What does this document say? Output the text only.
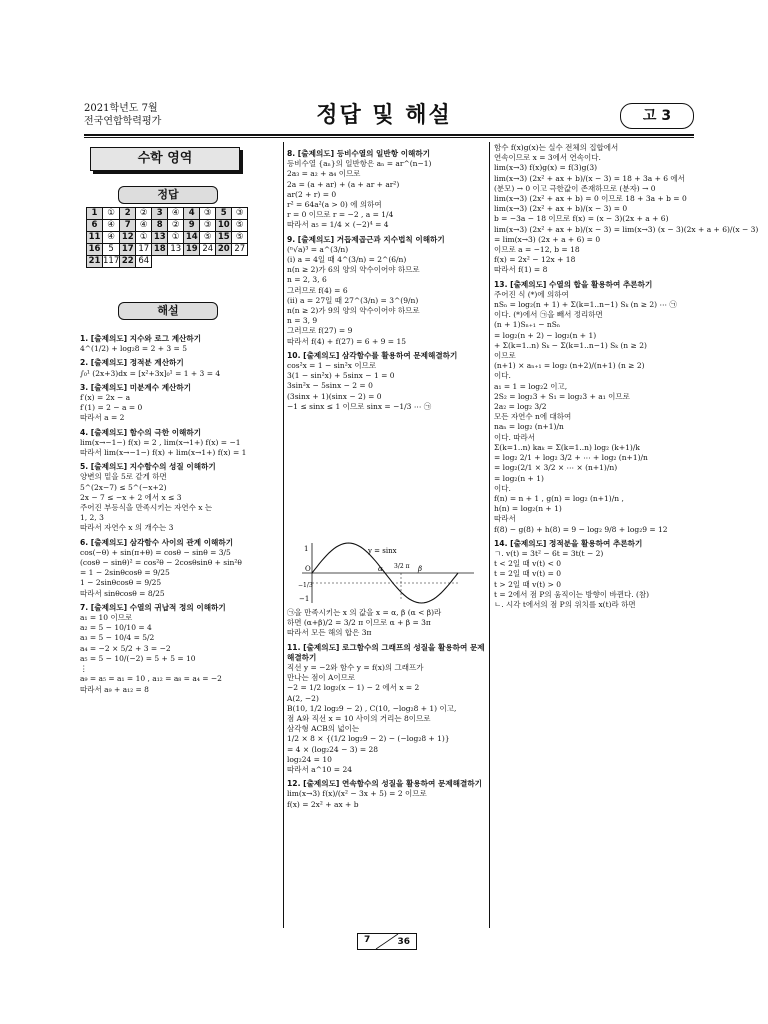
2021학년도 7월
전국연합학력평가	정답 및 해설	고 3
수학 영역
정답
1	①	2	②	3	④	4	③	5	③
6	④	7	④	8	②	9	③	10	⑤
11	④	12	①	13	①	14	⑤	15	⑤
16	5	17	17	18	13	19	24	20	27
21	117	22	64						
해설
1. [출제의도] 지수와 로그 계산하기
4^(1/2) + log₂8 = 2 + 3 = 5
2. [출제의도] 정적분 계산하기
∫₀¹ (2x+3)dx = [x²+3x]₀¹ = 1 + 3 = 4
3. [출제의도] 미분계수 계산하기
f′(x) = 2x − a
f′(1) = 2 − a = 0
따라서 a = 2
4. [출제의도] 함수의 극한 이해하기
lim(x→−1−) f(x) = 2 , lim(x→1+) f(x) = −1
따라서 lim(x→−1−) f(x) + lim(x→1+) f(x) = 1
5. [출제의도] 지수함수의 성질 이해하기
양변의 밑을 5로 같게 하면
5^(2x−7) ≤ 5^(−x+2)
2x − 7 ≤ −x + 2 에서 x ≤ 3
주어진 부등식을 만족시키는 자연수 x 는
1, 2, 3
따라서 자연수 x 의 개수는 3
6. [출제의도] 삼각함수 사이의 관계 이해하기
cos(−θ) + sin(π+θ) = cosθ − sinθ = 3/5
(cosθ − sinθ)² = cos²θ − 2cosθsinθ + sin²θ
= 1 − 2sinθcosθ = 9/25
1 − 2sinθcosθ = 9/25
따라서 sinθcosθ = 8/25
7. [출제의도] 수열의 귀납적 정의 이해하기
a₁ = 10 이므로
a₂ = 5 − 10/10 = 4
a₃ = 5 − 10/4 = 5/2
a₄ = −2 × 5/2 + 3 = −2
a₅ = 5 − 10/(−2) = 5 + 5 = 10
⋮
a₉ = a₅ = a₁ = 10 , a₁₂ = a₈ = a₄ = −2
따라서 a₉ + a₁₂ = 8
8. [출제의도] 등비수열의 일반항 이해하기
등비수열 {aₙ}의 일반항은 aₙ = ar^(n−1)
2a₃ = a₂ + a₄ 이므로
2a = (a + ar) + (a + ar + ar²)
ar(2 + r) = 0
r² = 64a²(a > 0) 에 의하여
r = 0 이므로 r = −2 , a = 1/4
따라서 a₅ = 1/4 × (−2)⁴ = 4
9. [출제의도] 거듭제곱근과 지수법칙 이해하기
(ⁿ√a)³ = a^(3/n)
(ⅰ) a = 4일 때 4^(3/n) = 2^(6/n)
n(n ≥ 2)가 6의 양의 약수이어야 하므로
n = 2, 3, 6
그러므로 f(4) = 6
(ⅱ) a = 27일 때 27^(3/n) = 3^(9/n)
n(n ≥ 2)가 9의 양의 약수이어야 하므로
n = 3, 9
그러므로 f(27) = 9
따라서 f(4) + f(27) = 6 + 9 = 15
10. [출제의도] 삼각함수를 활용하여 문제해결하기
cos²x = 1 − sin²x 이므로
3(1 − sin²x) + 5sinx − 1 = 0
3sin²x − 5sinx − 2 = 0
(3sinx + 1)(sinx − 2) = 0
−1 ≤ sinx ≤ 1 이므로 sinx = −1/3 ⋯ ㉠
y = sinx
1
−1
−1/3
O	α	β
3/2 π
㉠을 만족시키는 x 의 값을 x = α, β (α < β)라
하면 (α+β)/2 = 3/2 π 이므로 α + β = 3π
따라서 모든 해의 합은 3π
11. [출제의도] 로그함수의 그래프의 성질을 활용하여 문제해결하기
직선 y = −2와 함수 y = f(x)의 그래프가
만나는 점이 A이므로
−2 = 1/2 log₂(x − 1) − 2 에서 x = 2
A(2, −2)
B(10, 1/2 log₂9 − 2) , C(10, −log₂8 + 1) 이고,
점 A와 직선 x = 10 사이의 거리는 8이므로
삼각형 ACB의 넓이는
1/2 × 8 × {(1/2 log₂9 − 2) − (−log₂8 + 1)}
= 4 × (log₂24 − 3) = 28
log₂24 = 10
따라서 a^10 = 24
12. [출제의도] 연속함수의 성질을 활용하여 문제해결하기
lim(x→3) f(x)/(x² − 3x + 5) = 2 이므로
f(x) = 2x² + ax + b
함수 f(x)g(x)는 실수 전체의 집합에서
연속이므로 x = 3에서 연속이다.
lim(x→3) f(x)g(x) = f(3)g(3)
lim(x→3) (2x² + ax + b)/(x − 3) = 18 + 3a + 6 에서
(분모) → 0 이고 극한값이 존재하므로 (분자) → 0
lim(x→3) (2x² + ax + b) = 0 이므로 18 + 3a + b = 0
lim(x→3) (2x² + ax + b)/(x − 3) = 0
b = −3a − 18 이므로 f(x) = (x − 3)(2x + a + 6)
lim(x→3) (2x² + ax + b)/(x − 3) = lim(x→3) (x − 3)(2x + a + 6)/(x − 3)
= lim(x→3) (2x + a + 6) = 0
이므로 a = −12, b = 18
f(x) = 2x² − 12x + 18
따라서 f(1) = 8
13. [출제의도] 수열의 합을 활용하여 추론하기
주어진 식 (*)에 의하여
nSₙ = log₂(n + 1) + Σ(k=1..n−1) Sₖ (n ≥ 2) ⋯ ㉠
이다. (*)에서 ㉠을 빼서 정리하면
(n + 1)Sₙ₊₁ − nSₙ
= log₂(n + 2) − log₂(n + 1)
+ Σ(k=1..n) Sₖ − Σ(k=1..n−1) Sₖ (n ≥ 2)
이므로
(n+1) × aₙ₊₁ = log₂ (n+2)/(n+1) (n ≥ 2)
이다.
a₁ = 1 = log₂2 이고,
2S₂ = log₂3 + S₁ = log₂3 + a₁ 이므로
2a₂ = log₂ 3/2
모든 자연수 n에 대하여
naₙ = log₂ (n+1)/n
이다. 따라서
Σ(k=1..n) kaₖ = Σ(k=1..n) log₂ (k+1)/k
= log₂ 2/1 + log₂ 3/2 + ⋯ + log₂ (n+1)/n
= log₂(2/1 × 3/2 × ⋯ × (n+1)/n)
= log₂(n + 1)
이다.
f(n) = n + 1 , g(n) = log₂ (n+1)/n ,
h(n) = log₂(n + 1)
따라서
f(8) − g(8) + h(8) = 9 − log₂ 9/8 + log₂9 = 12
14. [출제의도] 정적분을 활용하여 추론하기
ㄱ. v(t) = 3t² − 6t = 3t(t − 2)
t < 2일 때 v(t) < 0
t = 2일 때 v(t) = 0
t > 2일 때 v(t) > 0
t = 2에서 점 P의 움직이는 방향이 바뀐다. (참)
ㄴ. 시각 t에서의 점 P의 위치를 x(t)라 하면
7	36
